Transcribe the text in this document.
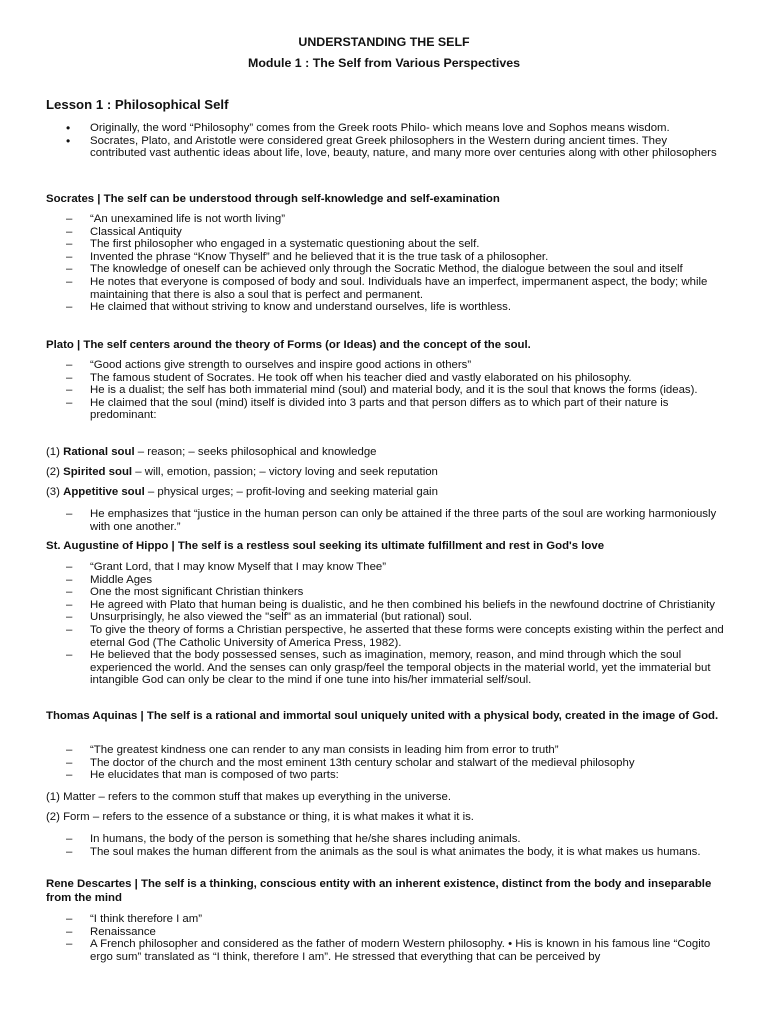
UNDERSTANDING THE SELF
Module 1 : The Self from Various Perspectives
Lesson 1 : Philosophical Self
• Originally, the word “Philosophy” comes from the Greek roots Philo- which means love and Sophos means wisdom.
• Socrates, Plato, and Aristotle were considered great Greek philosophers in the Western during ancient times. They contributed vast authentic ideas about life, love, beauty, nature, and many more over centuries along with other philosophers
Socrates | The self can be understood through self-knowledge and self-examination
– “An unexamined life is not worth living”
– Classical Antiquity
– The first philosopher who engaged in a systematic questioning about the self.
– Invented the phrase “Know Thyself” and he believed that it is the true task of a philosopher.
– The knowledge of oneself can be achieved only through the Socratic Method, the dialogue between the soul and itself
– He notes that everyone is composed of body and soul. Individuals have an imperfect, impermanent aspect, the body; while maintaining that there is also a soul that is perfect and permanent.
– He claimed that without striving to know and understand ourselves, life is worthless.
Plato | The self centers around the theory of Forms (or Ideas) and the concept of the soul.
– “Good actions give strength to ourselves and inspire good actions in others”
– The famous student of Socrates. He took off when his teacher died and vastly elaborated on his philosophy.
– He is a dualist; the self has both immaterial mind (soul) and material body, and it is the soul that knows the forms (ideas).
– He claimed that the soul (mind) itself is divided into 3 parts and that person differs as to which part of their nature is predominant:
(1) Rational soul – reason; – seeks philosophical and knowledge
(2) Spirited soul – will, emotion, passion; – victory loving and seek reputation
(3) Appetitive soul – physical urges; – profit-loving and seeking material gain
– He emphasizes that “justice in the human person can only be attained if the three parts of the soul are working harmoniously with one another.”
St. Augustine of Hippo | The self is a restless soul seeking its ultimate fulfillment and rest in God's love
– “Grant Lord, that I may know Myself that I may know Thee”
– Middle Ages
– One the most significant Christian thinkers
– He agreed with Plato that human being is dualistic, and he then combined his beliefs in the newfound doctrine of Christianity
– Unsurprisingly, he also viewed the "self" as an immaterial (but rational) soul.
– To give the theory of forms a Christian perspective, he asserted that these forms were concepts existing within the perfect and eternal God (The Catholic University of America Press, 1982).
– He believed that the body possessed senses, such as imagination, memory, reason, and mind through which the soul experienced the world. And the senses can only grasp/feel the temporal objects in the material world, yet the immaterial but intangible God can only be clear to the mind if one tune into his/her immaterial self/soul.
Thomas Aquinas | The self is a rational and immortal soul uniquely united with a physical body, created in the image of God.
– “The greatest kindness one can render to any man consists in leading him from error to truth”
– The doctor of the church and the most eminent 13th century scholar and stalwart of the medieval philosophy
– He elucidates that man is composed of two parts:
(1) Matter – refers to the common stuff that makes up everything in the universe.
(2) Form – refers to the essence of a substance or thing, it is what makes it what it is.
– In humans, the body of the person is something that he/she shares including animals.
– The soul makes the human different from the animals as the soul is what animates the body, it is what makes us humans.
Rene Descartes | The self is a thinking, conscious entity with an inherent existence, distinct from the body and inseparable from the mind
– “I think therefore I am”
– Renaissance
– A French philosopher and considered as the father of modern Western philosophy. • His is known in his famous line “Cogito ergo sum” translated as “I think, therefore I am”. He stressed that everything that can be perceived by
